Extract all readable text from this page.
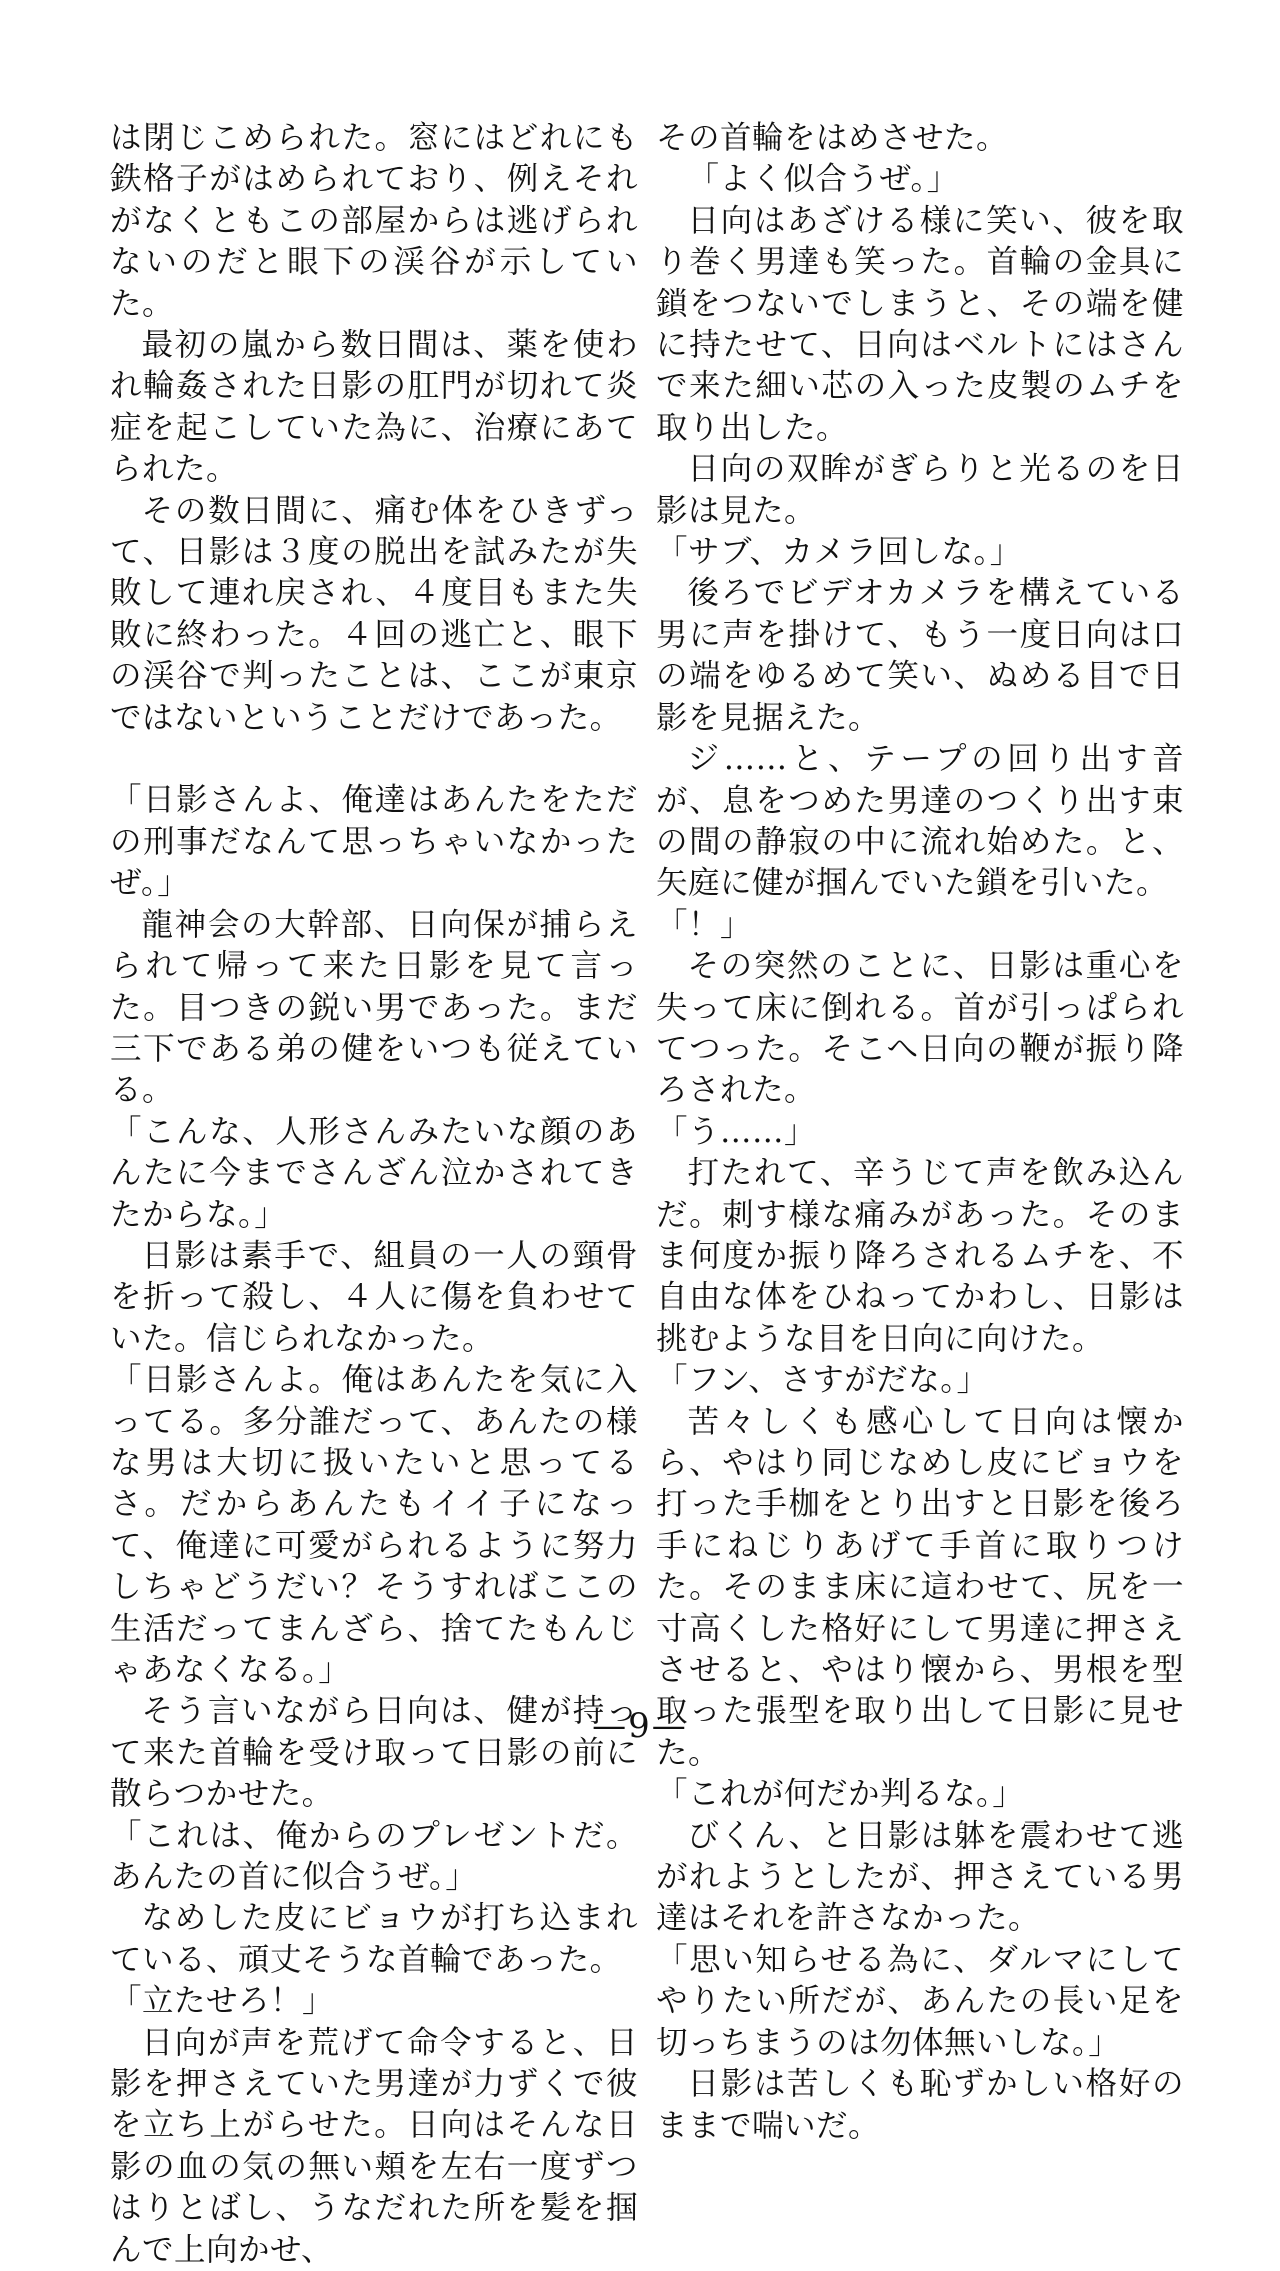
は閉じこめられた。窓にはどれにも鉄格子がはめられており、例えそれがなくともこの部屋からは逃げられないのだと眼下の渓谷が示していた。

最初の嵐から数日間は、薬を使われ輪姦された日影の肛門が切れて炎症を起こしていた為に、治療にあてられた。

その数日間に、痛む体をひきずって、日影は３度の脱出を試みたが失敗して連れ戻され、４度目もまた失敗に終わった。４回の逃亡と、眼下の渓谷で判ったことは、ここが東京ではないということだけであった。

「日影さんよ、俺達はあんたをただの刑事だなんて思っちゃいなかったぜ。」

龍神会の大幹部、日向保が捕らえられて帰って来た日影を見て言った。目つきの鋭い男であった。まだ三下である弟の健をいつも従えている。

「こんな、人形さんみたいな顔のあんたに今までさんざん泣かされてきたからな。」

日影は素手で、組員の一人の頸骨を折って殺し、４人に傷を負わせていた。信じられなかった。

「日影さんよ。俺はあんたを気に入ってる。多分誰だって、あんたの様な男は大切に扱いたいと思ってるさ。だからあんたもイイ子になって、俺達に可愛がられるように努力しちゃどうだい？そうすればここの生活だってまんざら、捨てたもんじゃあなくなる。」

そう言いながら日向は、健が持って来た首輪を受け取って日影の前に散らつかせた。

「これは、俺からのプレゼントだ。あんたの首に似合うぜ。」

なめした皮にビョウが打ち込まれている、頑丈そうな首輪であった。

「立たせろ！」

日向が声を荒げて命令すると、日影を押さえていた男達が力ずくで彼を立ち上がらせた。日向はそんな日影の血の気の無い頬を左右一度ずつはりとばし、うなだれた所を髪を掴んで上向かせ、

その首輪をはめさせた。

「よく似合うぜ。」

日向はあざける様に笑い、彼を取り巻く男達も笑った。首輪の金具に鎖をつないでしまうと、その端を健に持たせて、日向はベルトにはさんで来た細い芯の入った皮製のムチを取り出した。

日向の双眸がぎらりと光るのを日影は見た。

「サブ、カメラ回しな。」

後ろでビデオカメラを構えている男に声を掛けて、もう一度日向は口の端をゆるめて笑い、ぬめる目で日影を見据えた。

ジ……と、テープの回り出す音が、息をつめた男達のつくり出す束の間の静寂の中に流れ始めた。と、矢庭に健が掴んでいた鎖を引いた。

「！」

その突然のことに、日影は重心を失って床に倒れる。首が引っぱられてつった。そこへ日向の鞭が振り降ろされた。

「う……」

打たれて、辛うじて声を飲み込んだ。刺す様な痛みがあった。そのまま何度か振り降ろされるムチを、不自由な体をひねってかわし、日影は挑むような目を日向に向けた。

「フン、さすがだな。」

苦々しくも感心して日向は懐から、やはり同じなめし皮にビョウを打った手枷をとり出すと日影を後ろ手にねじりあげて手首に取りつけた。そのまま床に這わせて、尻を一寸高くした格好にして男達に押さえさせると、やはり懐から、男根を型取った張型を取り出して日影に見せた。

「これが何だか判るな。」

びくん、と日影は躰を震わせて逃がれようとしたが、押さえている男達はそれを許さなかった。

「思い知らせる為に、ダルマにしてやりたい所だが、あんたの長い足を切っちまうのは勿体無いしな。」

日影は苦しくも恥ずかしい格好のままで喘いだ。

—9—
